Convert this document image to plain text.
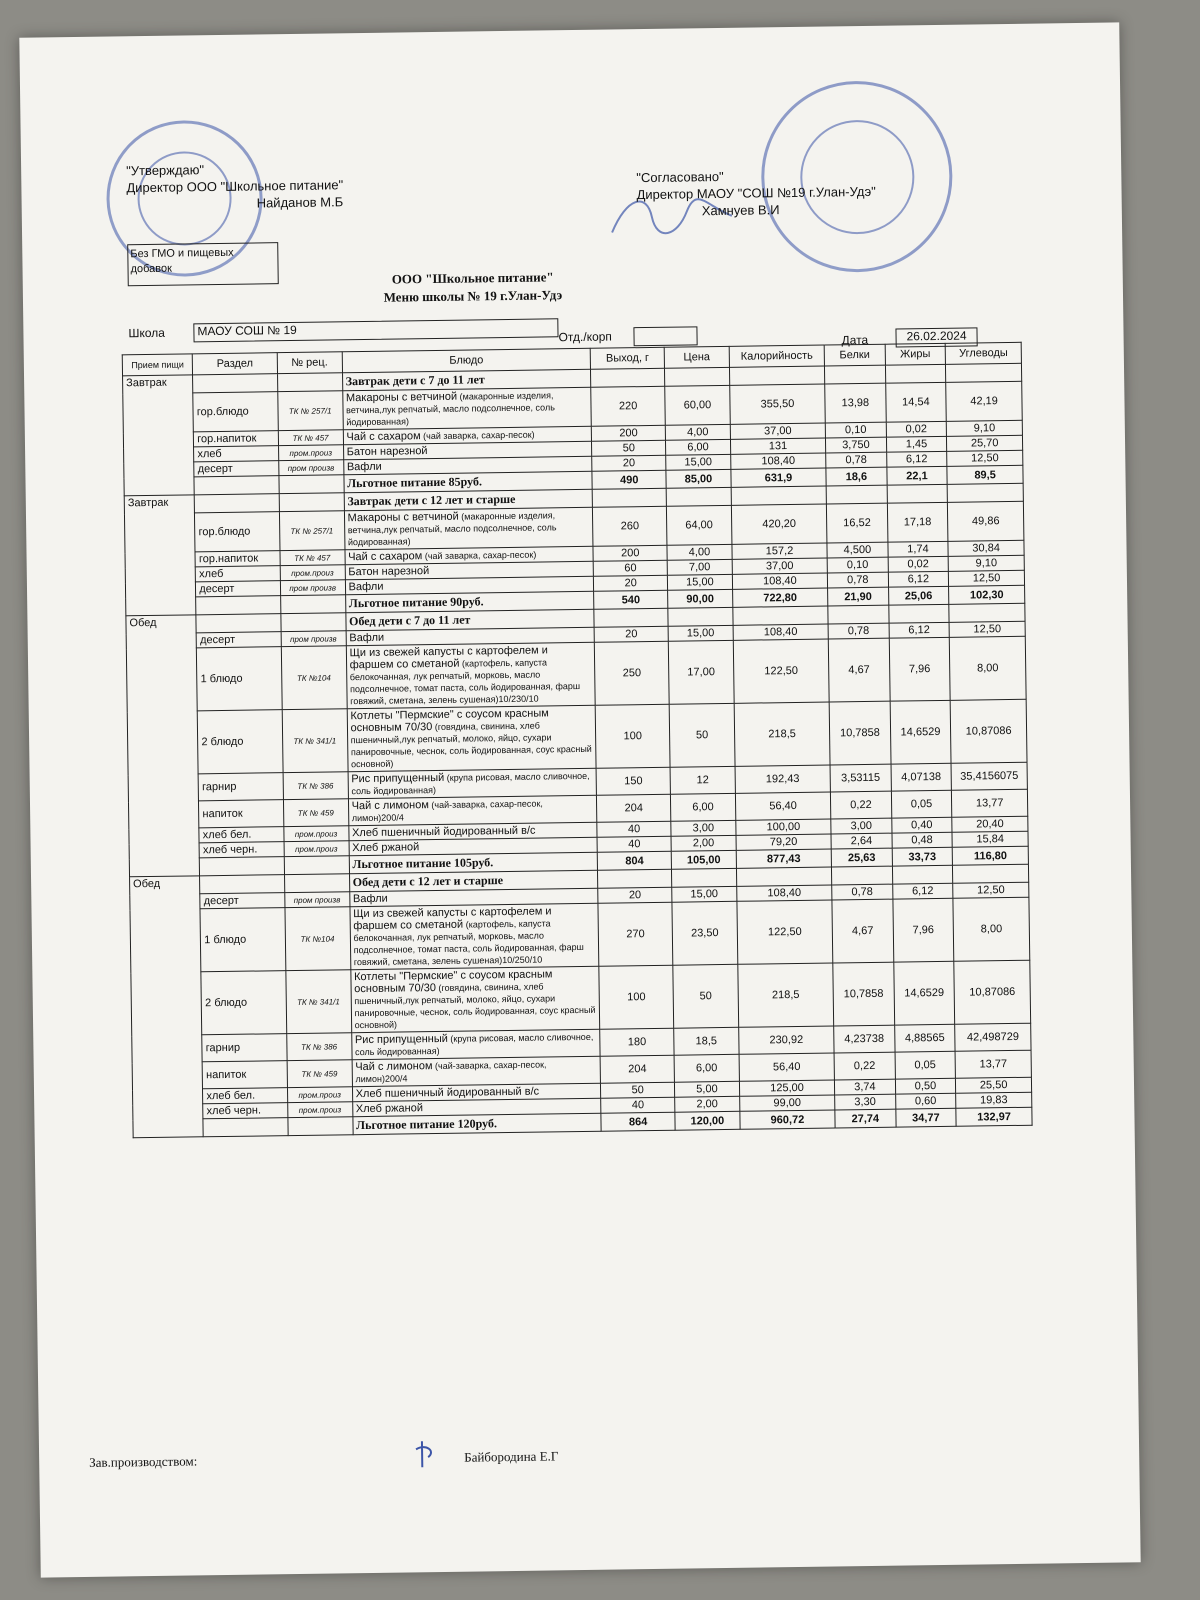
"Утверждаю"
Директор ООО "Школьное питание"
Найданов М.Б
Без ГМО и пищевых добавок
"Согласовано"
Директор МАОУ "СОШ №19 г.Улан-Удэ"
Хамнуев В.И
ООО "Школьное питание"
Меню школы № 19 г.Улан-Удэ
Школа	МАОУ СОШ № 19	Отд./корп	Дата	26.02.2024
Прием пищи	Раздел	№ рец.	Блюдо	Выход, г	Цена	Калорийность	Белки	Жиры	Углеводы
Завтрак			Завтрак дети с 7 до 11 лет						
	гор.блюдо	ТК № 257/1	Макароны с ветчиной (макаронные изделия, ветчина,лук репчатый, масло подсолнечное, соль йодированная)	220	60,00	355,50	13,98	14,54	42,19
	гор.напиток	ТК № 457	Чай с сахаром (чай заварка, сахар-песок)	200	4,00	37,00	0,10	0,02	9,10
	хлеб	пром.произ	Батон нарезной	50	6,00	131	3,750	1,45	25,70
	десерт	пром произв	Вафли	20	15,00	108,40	0,78	6,12	12,50
			Льготное питание 85руб.	490	85,00	631,9	18,6	22,1	89,5
Завтрак			Завтрак дети с 12 лет и старше						
	гор.блюдо	ТК № 257/1	Макароны с ветчиной (макаронные изделия, ветчина,лук репчатый, масло подсолнечное, соль йодированная)	260	64,00	420,20	16,52	17,18	49,86
	гор.напиток	ТК № 457	Чай с сахаром (чай заварка, сахар-песок)	200	4,00	157,2	4,500	1,74	30,84
	хлеб	пром.произ	Батон нарезной	60	7,00	37,00	0,10	0,02	9,10
	десерт	пром произв	Вафли	20	15,00	108,40	0,78	6,12	12,50
			Льготное питание 90руб.	540	90,00	722,80	21,90	25,06	102,30
Обед			Обед дети с 7 до 11 лет						
	десерт	пром произв	Вафли	20	15,00	108,40	0,78	6,12	12,50
	1 блюдо	ТК №104	Щи из свежей капусты с картофелем и фаршем со сметаной (картофель, капуста белокочанная, лук репчатый, морковь, масло подсолнечное, томат паста, соль йодированная, фарш говяжий, сметана, зелень сушеная)10/230/10	250	17,00	122,50	4,67	7,96	8,00
	2 блюдо	ТК № 341/1	Котлеты "Пермские" с соусом красным основным 70/30 (говядина, свинина, хлеб пшеничный,лук репчатый, молоко, яйцо, сухари панировочные, чеснок, соль йодированная, соус красный основной)	100	50	218,5	10,7858	14,6529	10,87086
	гарнир	ТК № 386	Рис припущенный (крупа рисовая, масло сливочное, соль йодированная)	150	12	192,43	3,53115	4,07138	35,4156075
	напиток	ТК № 459	Чай с лимоном (чай-заварка, сахар-песок, лимон)200/4	204	6,00	56,40	0,22	0,05	13,77
	хлеб бел.	пром.произ	Хлеб пшеничный йодированный в/с	40	3,00	100,00	3,00	0,40	20,40
	хлеб черн.	пром.произ	Хлеб ржаной	40	2,00	79,20	2,64	0,48	15,84
			Льготное питание 105руб.	804	105,00	877,43	25,63	33,73	116,80
Обед			Обед дети с 12 лет и старше						
	десерт	пром произв	Вафли	20	15,00	108,40	0,78	6,12	12,50
	1 блюдо	ТК №104	Щи из свежей капусты с картофелем и фаршем со сметаной (картофель, капуста белокочанная, лук репчатый, морковь, масло подсолнечное, томат паста, соль йодированная, фарш говяжий, сметана, зелень сушеная)10/250/10	270	23,50	122,50	4,67	7,96	8,00
	2 блюдо	ТК № 341/1	Котлеты "Пермские" с соусом красным основным 70/30 (говядина, свинина, хлеб пшеничный,лук репчатый, молоко, яйцо, сухари панировочные, чеснок, соль йодированная, соус красный основной)	100	50	218,5	10,7858	14,6529	10,87086
	гарнир	ТК № 386	Рис припущенный (крупа рисовая, масло сливочное, соль йодированная)	180	18,5	230,92	4,23738	4,88565	42,498729
	напиток	ТК № 459	Чай с лимоном (чай-заварка, сахар-песок, лимон)200/4	204	6,00	56,40	0,22	0,05	13,77
	хлеб бел.	пром.произ	Хлеб пшеничный йодированный в/с	50	5,00	125,00	3,74	0,50	25,50
	хлеб черн.	пром.произ	Хлеб ржаной	40	2,00	99,00	3,30	0,60	19,83
			Льготное питание 120руб.	864	120,00	960,72	27,74	34,77	132,97
Зав.производством:	Байбородина Е.Г
